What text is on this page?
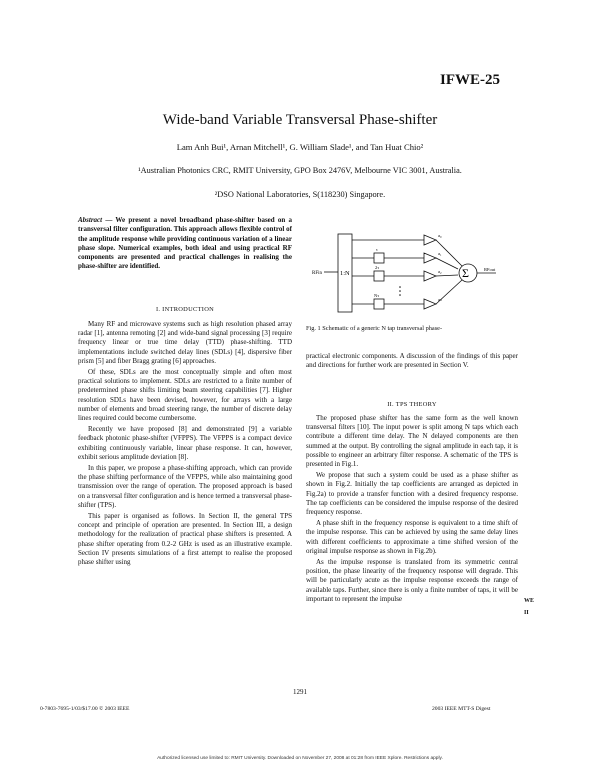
IFWE-25
Wide-band Variable Transversal Phase-shifter
Lam Anh Bui¹, Arnan Mitchell¹, G. William Slade¹, and Tan Huat Chio²
¹Australian Photonics CRC, RMIT University, GPO Box 2476V, Melbourne VIC 3001, Australia.
²DSO National Laboratories, S(118230) Singapore.
Abstract — We present a novel broadband phase-shifter based on a transversal filter configuration. This approach allows flexible control of the amplitude response while providing continuous variation of a linear phase slope. Numerical examples, both ideal and using practical RF components are presented and practical challenges in realising the phase-shifter are identified.
I. INTRODUCTION

Many RF and microwave systems such as high resolution phased array radar [1], antenna remoting [2] and wide-band signal processing [3] require frequency linear or true time delay (TTD) phase-shifting. TTD implementations include switched delay lines (SDLs) [4], dispersive fiber prism [5] and fiber Bragg grating [6] approaches.

Of these, SDLs are the most conceptually simple and often most practical solutions to implement. SDLs are restricted to a finite number of predetermined phase shifts limiting beam steering capabilities [7]. Higher resolution SDLs have been devised, however, for arrays with a large number of elements and broad steering range, the number of discrete delay lines required could become cumbersome.

Recently we have proposed [8] and demonstrated [9] a variable feedback photonic phase-shifter (VFPPS). The VFPPS is a compact device exhibiting continuously variable, linear phase response. It can, however, exhibit serious amplitude deviation [8].

In this paper, we propose a phase-shifting approach, which can provide the phase shifting performance of the VFPPS, while also maintaining good transmission over the range of operation. The proposed approach is based on a transversal filter configuration and is hence termed a transversal phase-shifter (TPS).

This paper is organised as follows. In Section II, the general TPS concept and principle of operation are presented. In Section III, a design methodology for the realization of practical phase shifters is presented. A phase shifter operating from 0.2-2 GHz is used as an illustrative example. Section IV presents simulations of a first attempt to realise the proposed phase shifter using

RFin	1:N	Σ	RFout
a₀
a₁
a₂
aₙ
τ
2τ
Nτ
Fig. 1 Schematic of a generic N tap transversal phase-

practical electronic components. A discussion of the findings of this paper and directions for further work are presented in Section V.

II. TPS THEORY

The proposed phase shifter has the same form as the well known transversal filters [10]. The input power is split among N taps which each contribute a different time delay. The N delayed components are then summed at the output. By controlling the signal amplitude in each tap, it is possible to engineer an arbitrary filter response. A schematic of the TPS is presented in Fig.1.

We propose that such a system could be used as a phase shifter as shown in Fig.2. Initially the tap coefficients are arranged as depicted in Fig.2a) to provide a transfer function with a desired frequency response. The tap coefficients can be considered the impulse response of the desired frequency response.

A phase shift in the frequency response is equivalent to a time shift of the impulse response. This can be achieved by using the same delay lines with different coefficients to approximate a time shifted version of the original impulse response as shown in Fig.2b).

As the impulse response is translated from its symmetric central position, the phase linearity of the frequency response will degrade. This will be particularly acute as the impulse response exceeds the range of available taps. Further, since there is only a finite number of taps, it will be important to represent the impulse	WE
II
1291
0-7803-7695-1/03/$17.00 © 2003 IEEE	2003 IEEE MTT-S Digest
Authorized licensed use limited to: RMIT University. Downloaded on November 27, 2008 at 01:28 from IEEE Xplore. Restrictions apply.
